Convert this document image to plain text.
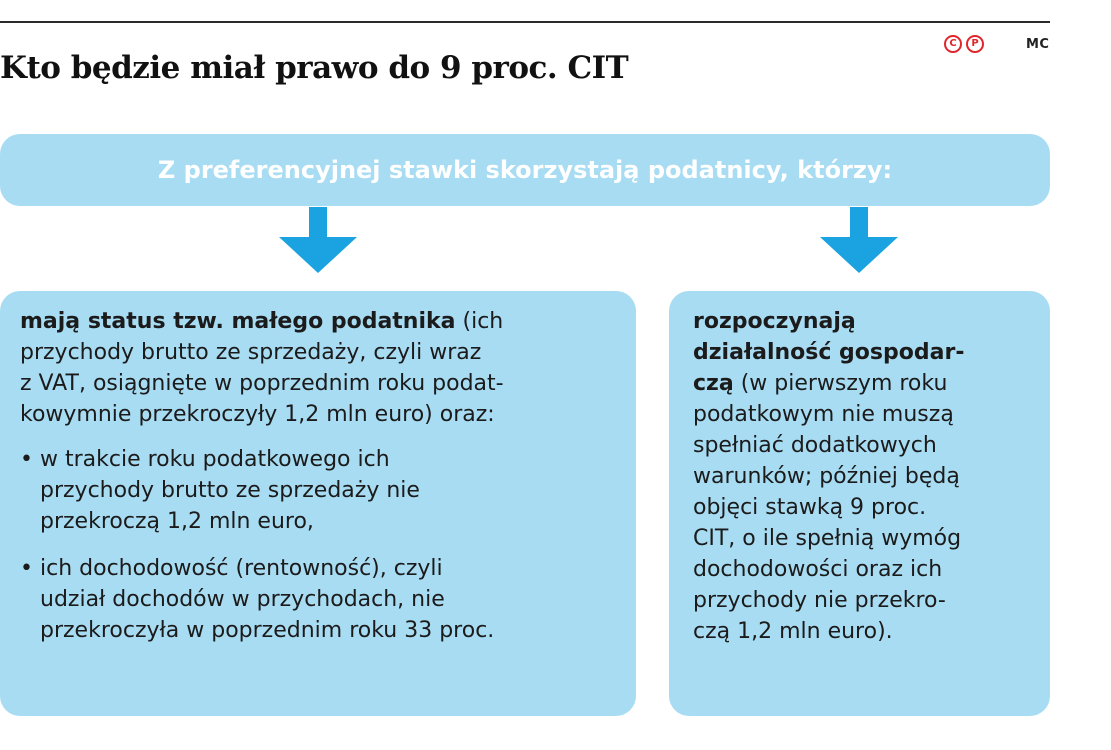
Kto będzie miał prawo do 9 proc. CIT
C	P	MC
Z preferencyjnej stawki skorzystają podatnicy, którzy:

mają status tzw. małego podatnika (ich
przychody brutto ze sprzedaży, czyli wraz
z VAT, osiągnięte w poprzednim roku podat-
kowymnie przekroczyły 1,2 mln euro) oraz:

• w trakcie roku podatkowego ich
przychody brutto ze sprzedaży nie
przekroczą 1,2 mln euro,
• ich dochodowość (rentowność), czyli
udział dochodów w przychodach, nie
przekroczyła w poprzednim roku 33 proc.

rozpoczynają
działalność gospodar-
czą (w pierwszym roku
podatkowym nie muszą
spełniać dodatkowych
warunków; później będą
objęci stawką 9 proc.
CIT, o ile spełnią wymóg
dochodowości oraz ich
przychody nie przekro-
czą 1,2 mln euro).
